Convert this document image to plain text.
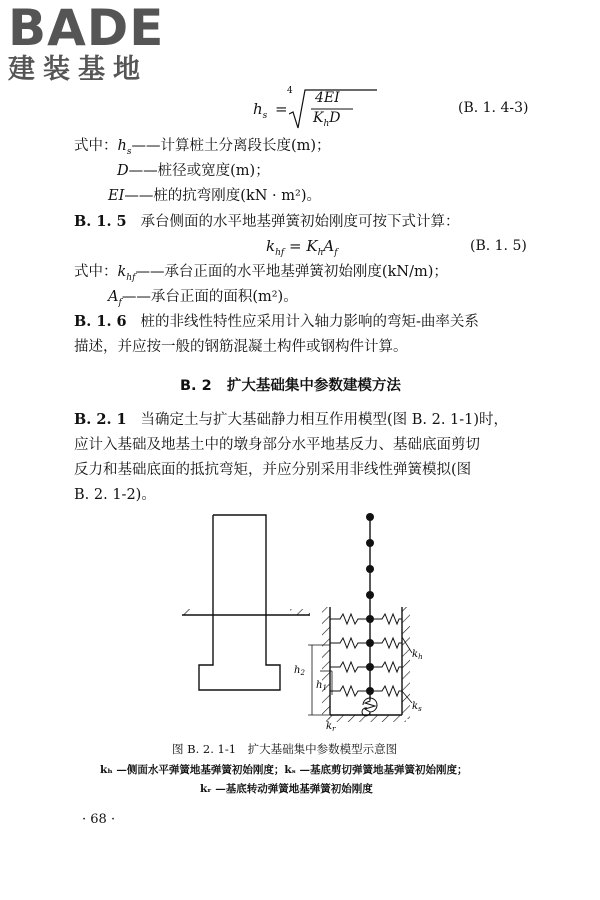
BADE
建装基地
$h_s$ =
4 4EI
$K_hD$
(B. 1. 4-3)
式中：$h_s——$计算桩土分离段长度(m)；
D——桩径或宽度(m)；
EI——桩的抗弯刚度(kN · m²)。
B. 1. 5 承台侧面的水平地基弹簧初始刚度可按下式计算：
$k_{hf} = K_hA_f$	(B. 1. 5)
式中：$k_{hf}——$承台正面的水平地基弹簧初始刚度(kN/m)；
$A_f——$承台正面的面积(m²)。
B. 1. 6 桩的非线性特性应采用计入轴力影响的弯矩-曲率关系
描述，并应按一般的钢筋混凝土构件或钢构件计算。
B. 2 扩大基础集中参数建模方法
B. 2. 1 当确定土与扩大基础静力相互作用模型(图 B. 2. 1-1)时，
应计入基础及地基土中的墩身部分水平地基反力、基础底面剪切
反力和基础底面的抵抗弯矩，并应分别采用非线性弹簧模拟(图
B. 2. 1-2)。
$k_h$
$k_s$
$k_r$
$h_2$
$h_1$
图 B. 2. 1-1　扩大基础集中参数模型示意图
kₕ —侧面水平弹簧地基弹簧初始刚度；kₛ —基底剪切弹簧地基弹簧初始刚度；
kᵣ —基底转动弹簧地基弹簧初始刚度
· 68 ·
